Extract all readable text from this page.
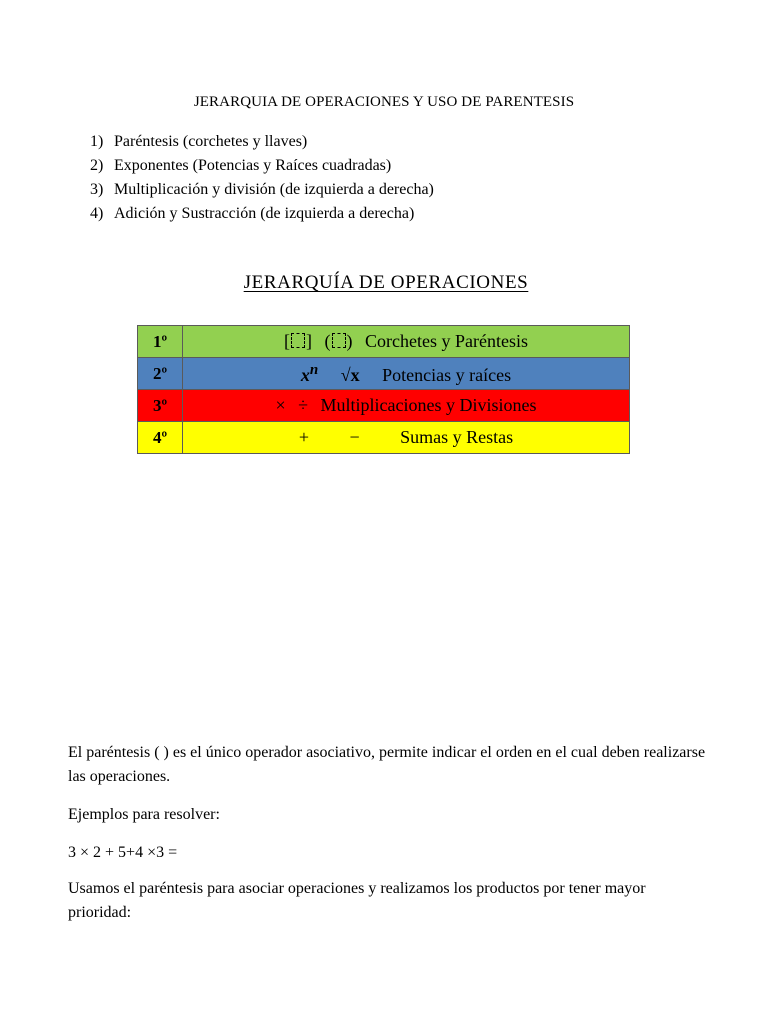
JERARQUIA DE OPERACIONES Y USO DE PARENTESIS
1) Paréntesis (corchetes y llaves)
2) Exponentes (Potencias y Raíces cuadradas)
3) Multiplicación y división (de izquierda a derecha)
4) Adición y Sustracción (de izquierda a derecha)
JERARQUÍA DE OPERACIONES
1º	[ ] ( ) Corchetes y Paréntesis
2º	$x^n$ √x Potencias y raíces
3º	× ÷ Multiplicaciones y Divisiones
4º	+ − Sumas y Restas

El paréntesis ( ) es el único operador asociativo, permite indicar el orden en el cual deben realizarse las operaciones.

Ejemplos para resolver:

3 × 2 + 5+4 ×3 =

Usamos el paréntesis para asociar operaciones y realizamos los productos por tener mayor prioridad:
